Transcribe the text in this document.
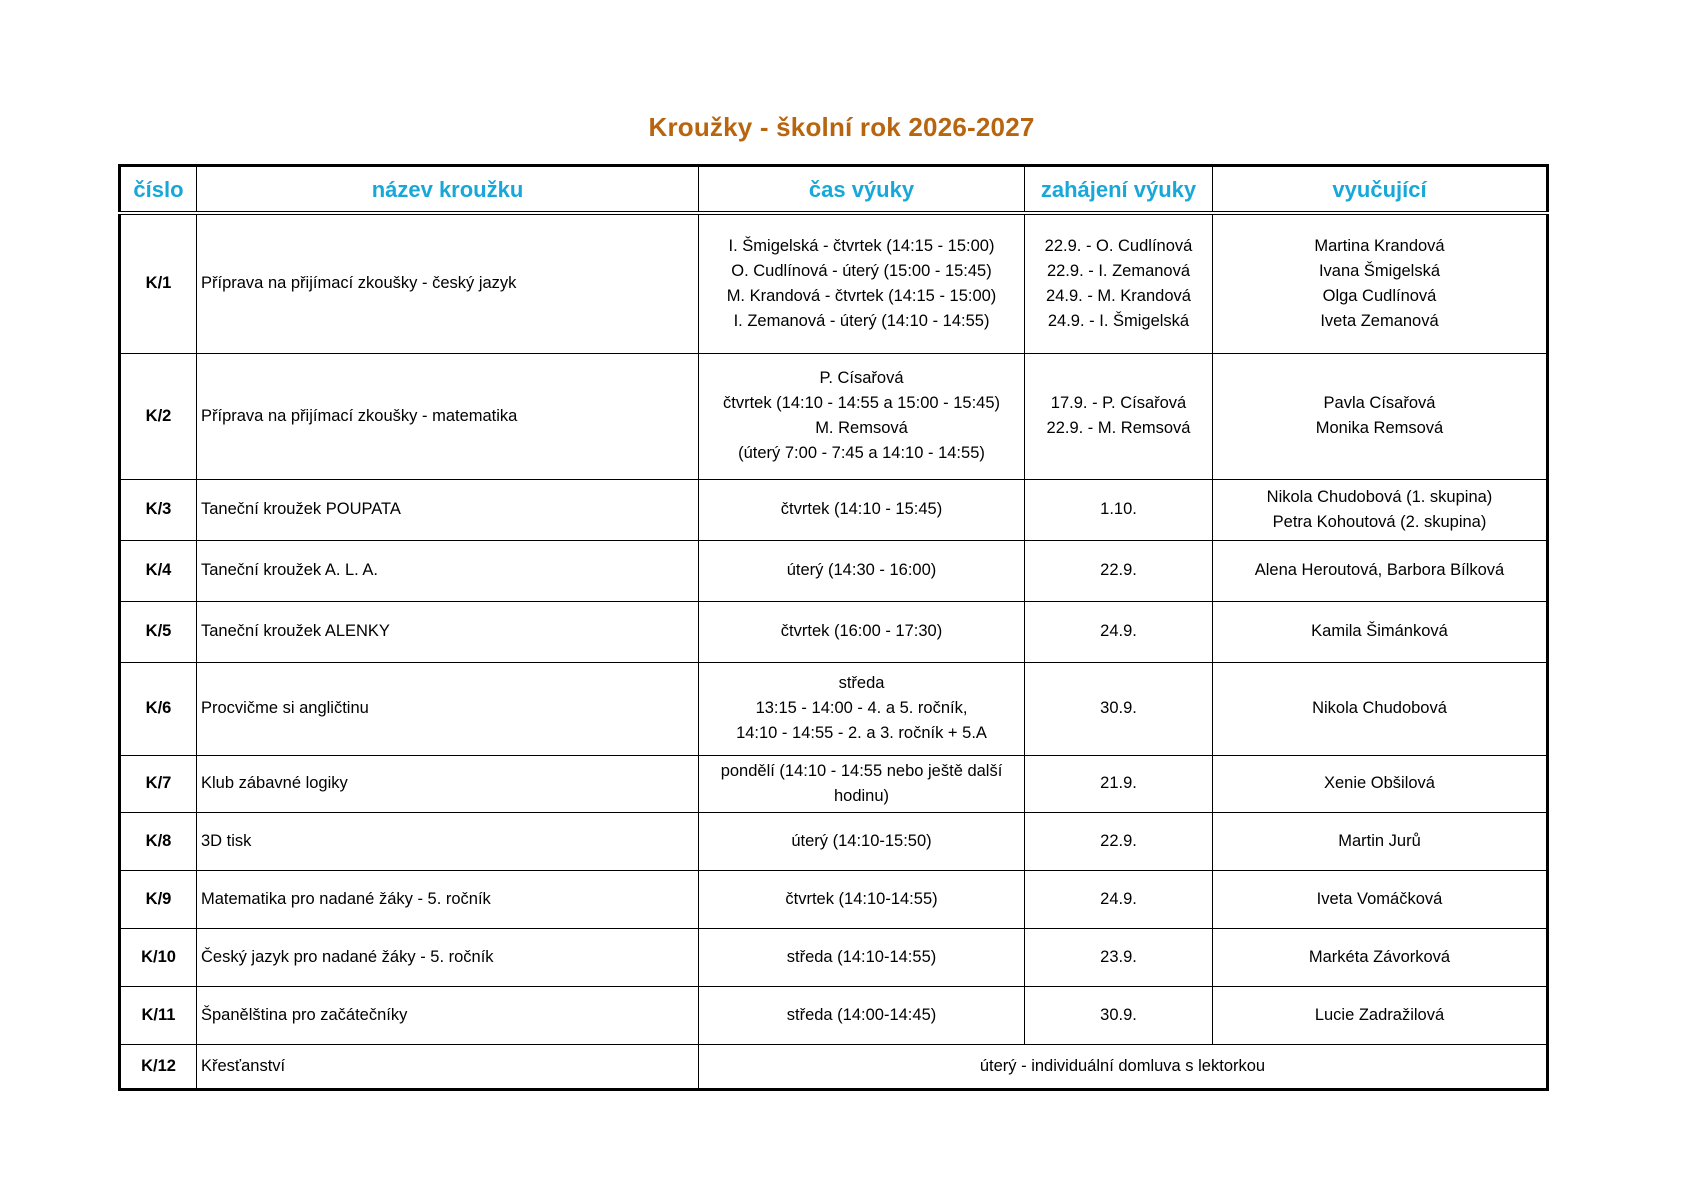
Kroužky - školní rok 2026-2027
číslo	název kroužku	čas výuky	zahájení výuky	vyučující
K/1	Příprava na přijímací zkoušky - český jazyk	I. Šmigelská - čtvrtek (14:15 - 15:00)
O. Cudlínová - úterý (15:00 - 15:45)
M. Krandová - čtvrtek (14:15 - 15:00)
I. Zemanová - úterý (14:10 - 14:55)	22.9. - O. Cudlínová
22.9. - I. Zemanová
24.9. - M. Krandová
24.9. - I. Šmigelská	Martina Krandová
Ivana Šmigelská
Olga Cudlínová
Iveta Zemanová

K/2	Příprava na přijímací zkoušky - matematika	P. Císařová
čtvrtek (14:10 - 14:55 a 15:00 - 15:45)
M. Remsová
(úterý 7:00 - 7:45 a 14:10 - 14:55)	17.9. - P. Císařová
22.9. - M. Remsová	Pavla Císařová
Monika Remsová

K/3	Taneční kroužek POUPATA	čtvrtek (14:10 - 15:45)	1.10.	Nikola Chudobová (1. skupina)
Petra Kohoutová (2. skupina)

K/4	Taneční kroužek A. L. A.	úterý (14:30 - 16:00)	22.9.	Alena Heroutová, Barbora Bílková

K/5	Taneční kroužek ALENKY	čtvrtek (16:00 - 17:30)	24.9.	Kamila Šimánková

K/6	Procvičme si angličtinu	středa
13:15 - 14:00 - 4. a 5. ročník,
14:10 - 14:55 - 2. a 3. ročník + 5.A	30.9.	Nikola Chudobová

K/7	Klub zábavné logiky	pondělí (14:10 - 14:55 nebo ještě další
hodinu)	21.9.	Xenie Obšilová

K/8	3D tisk	úterý (14:10-15:50)	22.9.	Martin Jurů

K/9	Matematika pro nadané žáky - 5. ročník	čtvrtek (14:10-14:55)	24.9.	Iveta Vomáčková

K/10	Český jazyk pro nadané žáky - 5. ročník	středa (14:10-14:55)	23.9.	Markéta Závorková

K/11	Španělština pro začátečníky	středa (14:00-14:45)	30.9.	Lucie Zadražilová

K/12	Křesťanství	úterý - individuální domluva s lektorkou		
